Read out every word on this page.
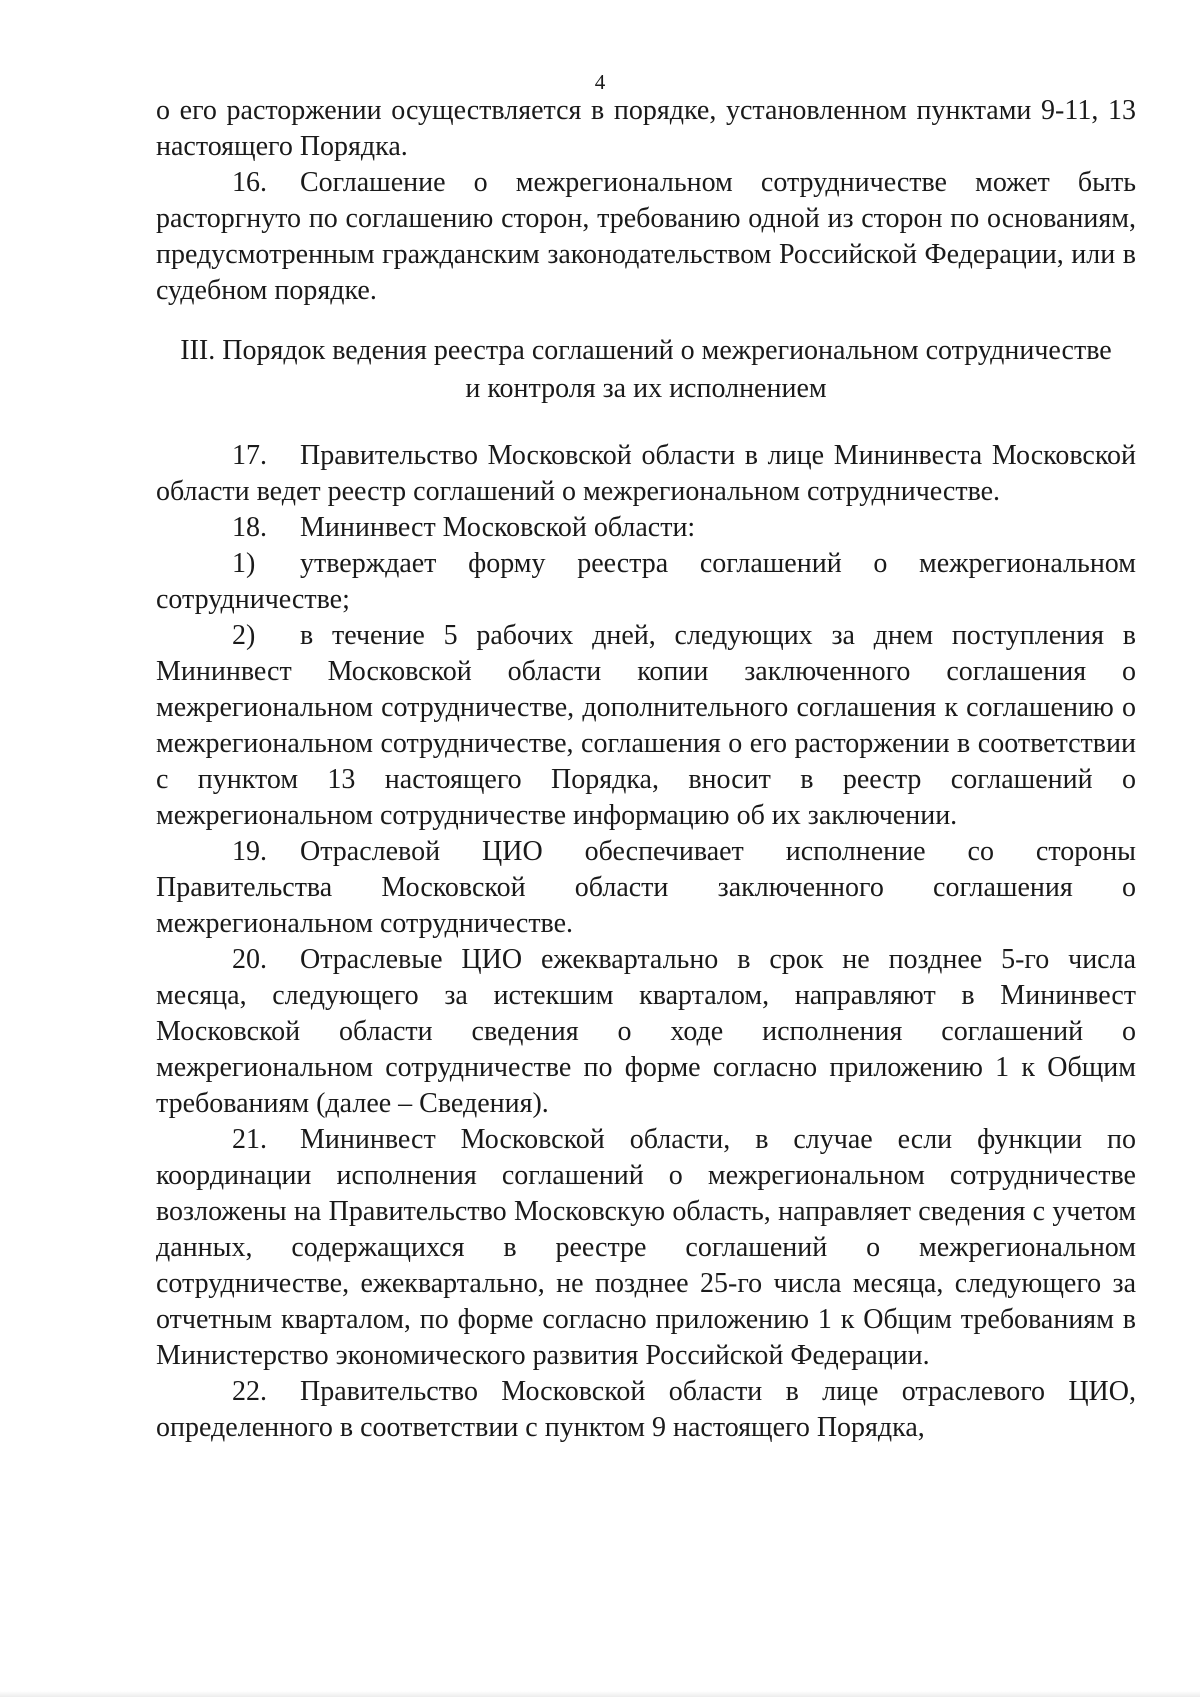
4

о его расторжении осуществляется в порядке, установленном пунктами 9-11, 13 настоящего Порядка.

16. Соглашение о межрегиональном сотрудничестве может быть расторгнуто по соглашению сторон, требованию одной из сторон по основаниям, предусмотренным гражданским законодательством Российской Федерации, или в судебном порядке.

III. Порядок ведения реестра соглашений о межрегиональном сотрудничестве
и контроля за их исполнением

17. Правительство Московской области в лице Мининвеста Московской области ведет реестр соглашений о межрегиональном сотрудничестве.

18. Мининвест Московской области:

1) утверждает форму реестра соглашений о межрегиональном сотрудничестве;

2) в течение 5 рабочих дней, следующих за днем поступления в Мининвест Московской области копии заключенного соглашения о межрегиональном сотрудничестве, дополнительного соглашения к соглашению о межрегиональном сотрудничестве, соглашения о его расторжении в соответствии с пунктом 13 настоящего Порядка, вносит в реестр соглашений о межрегиональном сотрудничестве информацию об их заключении.

19. Отраслевой ЦИО обеспечивает исполнение со стороны Правительства Московской области заключенного соглашения о межрегиональном сотрудничестве.

20. Отраслевые ЦИО ежеквартально в срок не позднее 5-го числа месяца, следующего за истекшим кварталом, направляют в Мининвест Московской области сведения о ходе исполнения соглашений о межрегиональном сотрудничестве по форме согласно приложению 1 к Общим требованиям (далее – Сведения).

21. Мининвест Московской области, в случае если функции по координации исполнения соглашений о межрегиональном сотрудничестве возложены на Правительство Московскую область, направляет сведения с учетом данных, содержащихся в реестре соглашений о межрегиональном сотрудничестве, ежеквартально, не позднее 25-го числа месяца, следующего за отчетным кварталом, по форме согласно приложению 1 к Общим требованиям в Министерство экономического развития Российской Федерации.

22. Правительство Московской области в лице отраслевого ЦИО, определенного в соответствии с пунктом 9 настоящего Порядка,
